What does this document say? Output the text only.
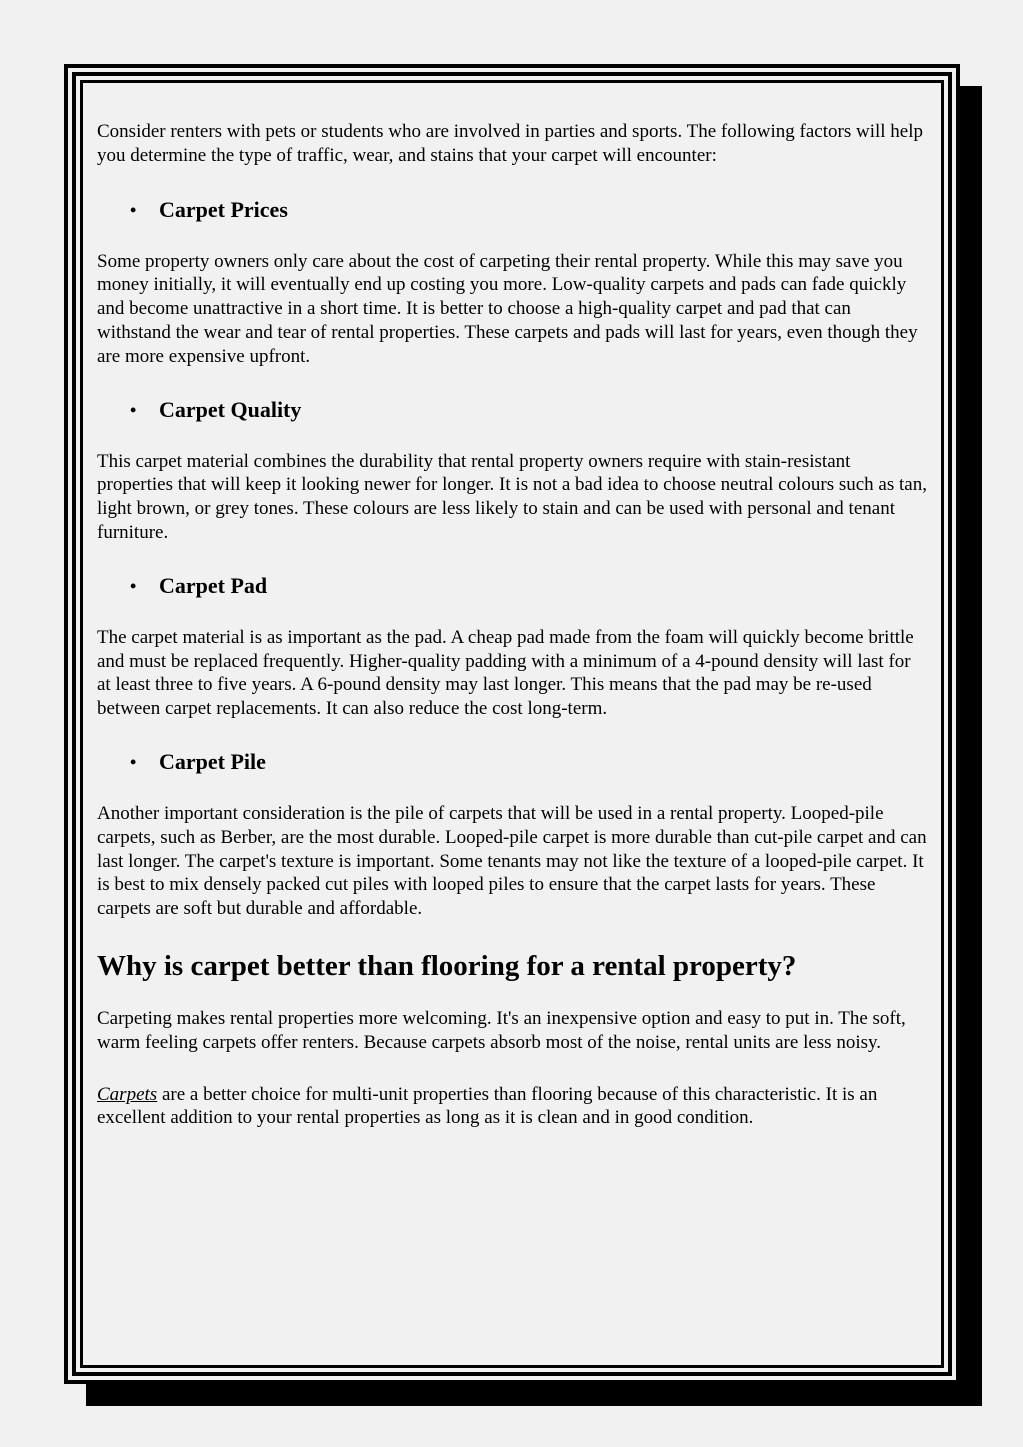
Consider renters with pets or students who are involved in parties and sports. The following factors will help you determine the type of traffic, wear, and stains that your carpet will encounter:

•	Carpet Prices

Some property owners only care about the cost of carpeting their rental property. While this may save you money initially, it will eventually end up costing you more. Low-quality carpets and pads can fade quickly and become unattractive in a short time. It is better to choose a high-quality carpet and pad that can withstand the wear and tear of rental properties. These carpets and pads will last for years, even though they are more expensive upfront.

•	Carpet Quality

This carpet material combines the durability that rental property owners require with stain-resistant properties that will keep it looking newer for longer. It is not a bad idea to choose neutral colours such as tan, light brown, or grey tones. These colours are less likely to stain and can be used with personal and tenant furniture.

•	Carpet Pad

The carpet material is as important as the pad. A cheap pad made from the foam will quickly become brittle and must be replaced frequently. Higher-quality padding with a minimum of a 4-pound density will last for at least three to five years. A 6-pound density may last longer. This means that the pad may be re-used between carpet replacements. It can also reduce the cost long-term.

•	Carpet Pile

Another important consideration is the pile of carpets that will be used in a rental property. Looped-pile carpets, such as Berber, are the most durable. Looped-pile carpet is more durable than cut-pile carpet and can last longer. The carpet's texture is important. Some tenants may not like the texture of a looped-pile carpet. It is best to mix densely packed cut piles with looped piles to ensure that the carpet lasts for years. These carpets are soft but durable and affordable.

Why is carpet better than flooring for a rental property?

Carpeting makes rental properties more welcoming. It's an inexpensive option and easy to put in. The soft, warm feeling carpets offer renters. Because carpets absorb most of the noise, rental units are less noisy.

Carpets are a better choice for multi-unit properties than flooring because of this characteristic. It is an excellent addition to your rental properties as long as it is clean and in good condition.
